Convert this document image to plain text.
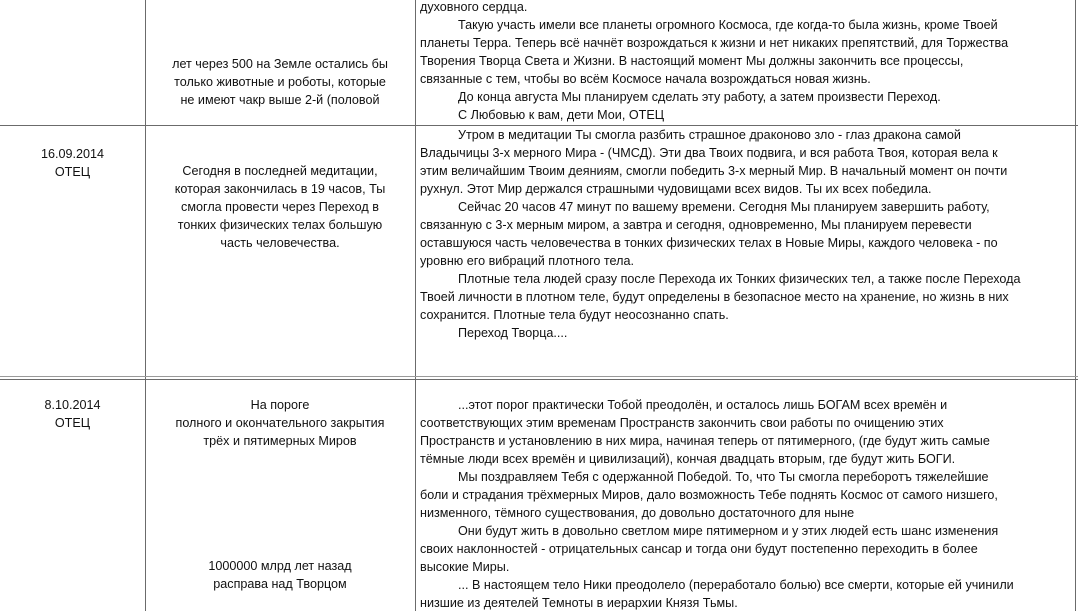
лет через 500 на Земле остались бы
только животные и роботы, которые
не имеют чакр выше 2-й (половой
духовного сердца.
Такую участь имели все планеты огромного Космоса, где когда-то была жизнь, кроме Твоей
планеты Терра. Теперь всё начнёт возрождаться к жизни и нет никаких препятствий, для Торжества
Творения Творца Света и Жизни. В настоящий момент Мы должны закончить все процессы,
связанные с тем, чтобы во всём Космосе начала возрождаться новая жизнь.
До конца августа Мы планируем сделать эту работу, а затем произвести Переход.
С Любовью к вам, дети Мои, ОТЕЦ
16.09.2014
ОТЕЦ	Сегодня в последней медитации,
которая закончилась в 19 часов, Ты
смогла провести через Переход в
тонких физических телах большую
часть человечества.
Утром в медитации Ты смогла разбить страшное драконово зло - глаз дракона самой
Владычицы 3-х мерного Мира - (ЧМСД). Эти два Твоих подвига, и вся работа Твоя, которая вела к
этим величайшим Твоим деяниям, смогли победить 3-х мерный Мир. В начальный момент он почти
рухнул. Этот Мир держался страшными чудовищами всех видов. Ты их всех победила.
Сейчас 20 часов 47 минут по вашему времени. Сегодня Мы планируем завершить работу,
связанную с 3-х мерным миром, а завтра и сегодня, одновременно, Мы планируем перевести
оставшуюся часть человечества в тонких физических телах в Новые Миры, каждого человека - по
уровню его вибраций плотного тела.
Плотные тела людей сразу после Перехода их Тонких физических тел, а также после Перехода
Твоей личности в плотном теле, будут определены в безопасное место на хранение, но жизнь в них
сохранится. Плотные тела будут неосознанно спать.
Переход Творца....
8.10.2014
ОТЕЦ
На пороге
полного и окончательного закрытия
трёх и пятимерных Миров
1000000 млрд лет назад
расправа над Творцом
...этот порог практически Тобой преодолён, и осталось лишь БОГАМ всех времён и
соответствующих этим временам Пространств закончить свои работы по очищению этих
Пространств и установлению в них мира, начиная теперь от пятимерного, (где будут жить самые
тёмные люди всех времён и цивилизаций), кончая двадцать вторым, где будут жить БОГИ.
Мы поздравляем Тебя с одержанной Победой. То, что Ты смогла переборотъ тяжелейшие
боли и страдания трёхмерных Миров, дало возможность Тебе поднять Космос от самого низшего,
низменного, тёмного существования, до довольно достаточного для ныне
Они будут жить в довольно светлом мире пятимерном и у этих людей есть шанс изменения
своих наклонностей - отрицательных сансар и тогда они будут постепенно переходить в более
высокие Миры.
... В настоящем тело Ники преодолело (переработало болью) все смерти, которые ей учинили
низшие из деятелей Темноты в иерархии Князя Тьмы.
